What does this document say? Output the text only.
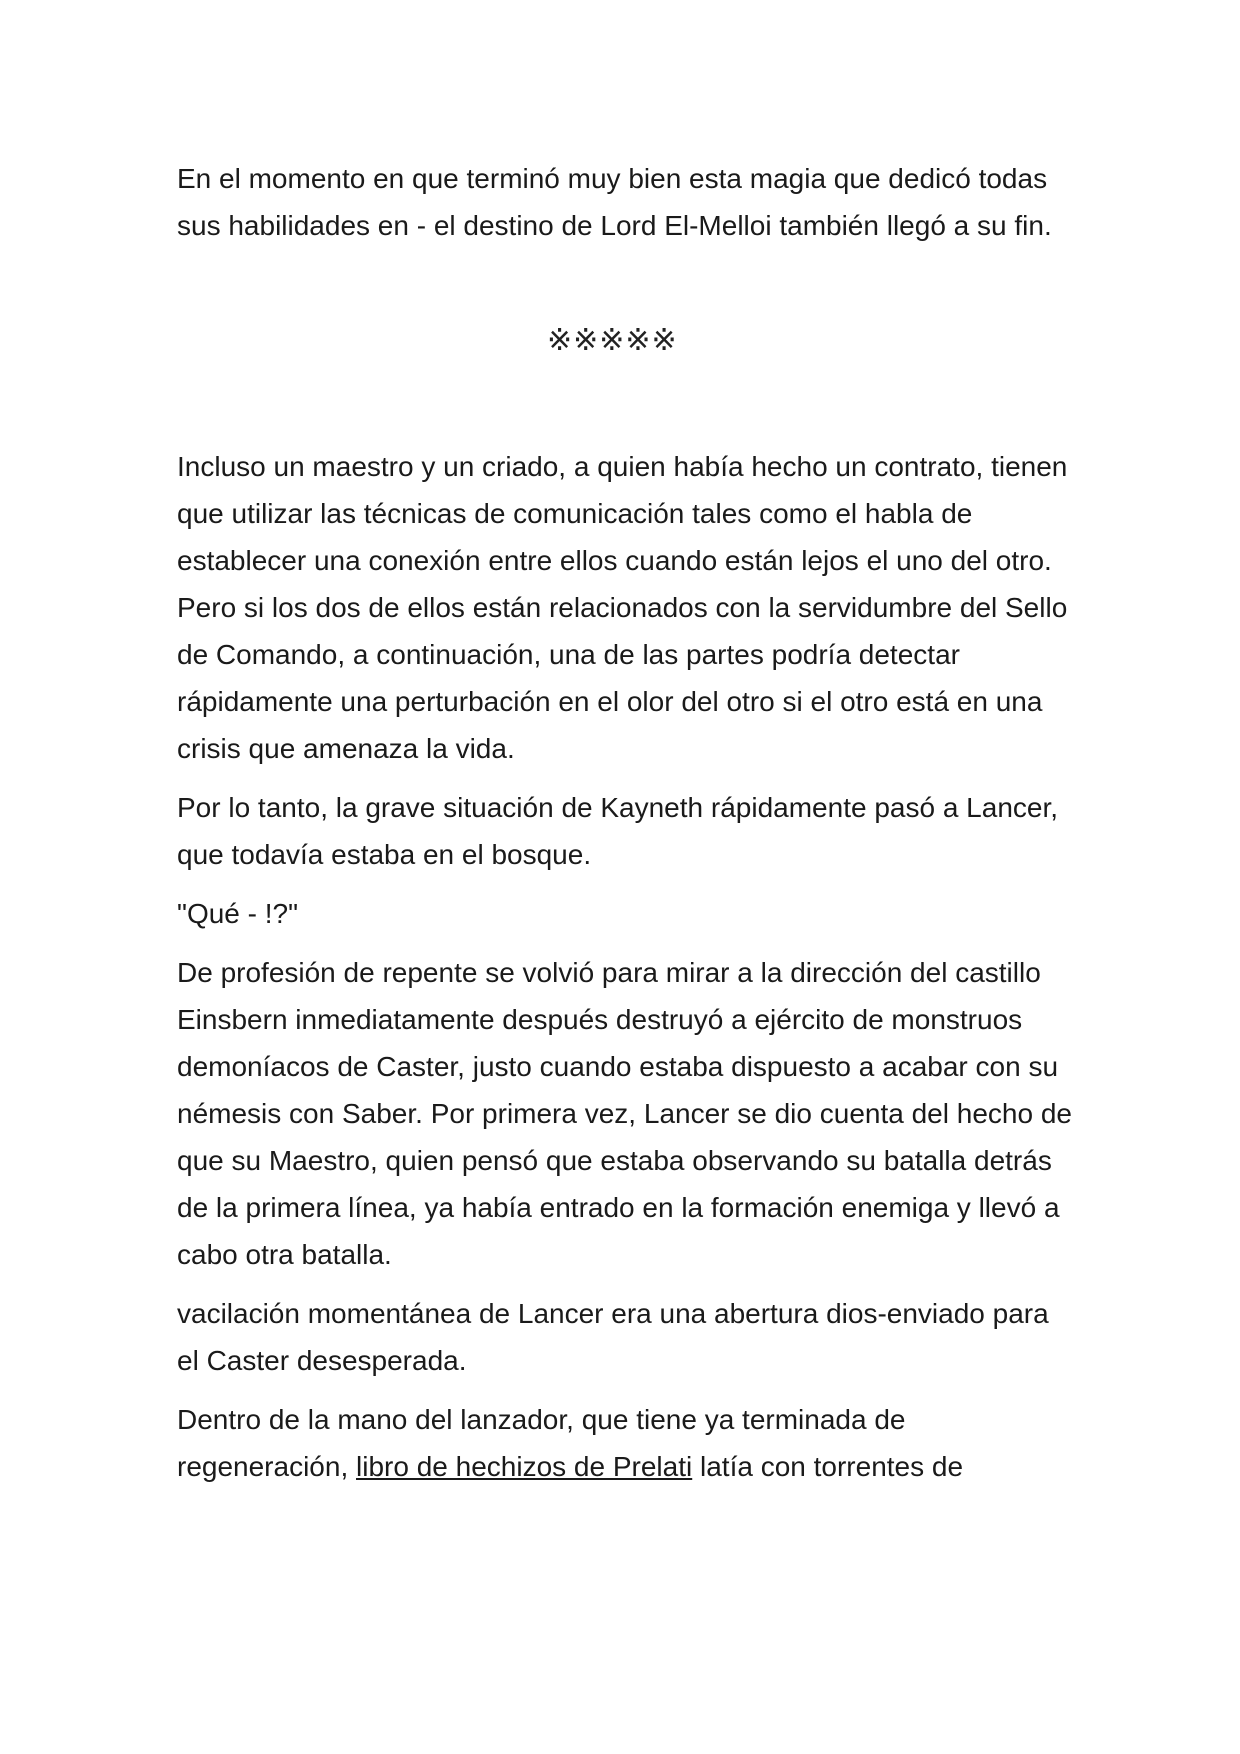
En el momento en que terminó muy bien esta magia que dedicó todas sus habilidades en - el destino de Lord El-Melloi también llegó a su fin.

※※※※※

Incluso un maestro y un criado, a quien había hecho un contrato, tienen que utilizar las técnicas de comunicación tales como el habla de establecer una conexión entre ellos cuando están lejos el uno del otro. Pero si los dos de ellos están relacionados con la servidumbre del Sello de Comando, a continuación, una de las partes podría detectar rápidamente una perturbación en el olor del otro si el otro está en una crisis que amenaza la vida.

Por lo tanto, la grave situación de Kayneth rápidamente pasó a Lancer, que todavía estaba en el bosque.

"Qué - !?"

De profesión de repente se volvió para mirar a la dirección del castillo Einsbern inmediatamente después destruyó a ejército de monstruos demoníacos de Caster, justo cuando estaba dispuesto a acabar con su némesis con Saber. Por primera vez, Lancer se dio cuenta del hecho de que su Maestro, quien pensó que estaba observando su batalla detrás de la primera línea, ya había entrado en la formación enemiga y llevó a cabo otra batalla.

vacilación momentánea de Lancer era una abertura dios-enviado para el Caster desesperada.

Dentro de la mano del lanzador, que tiene ya terminada de regeneración, libro de hechizos de Prelati latía con torrentes de
